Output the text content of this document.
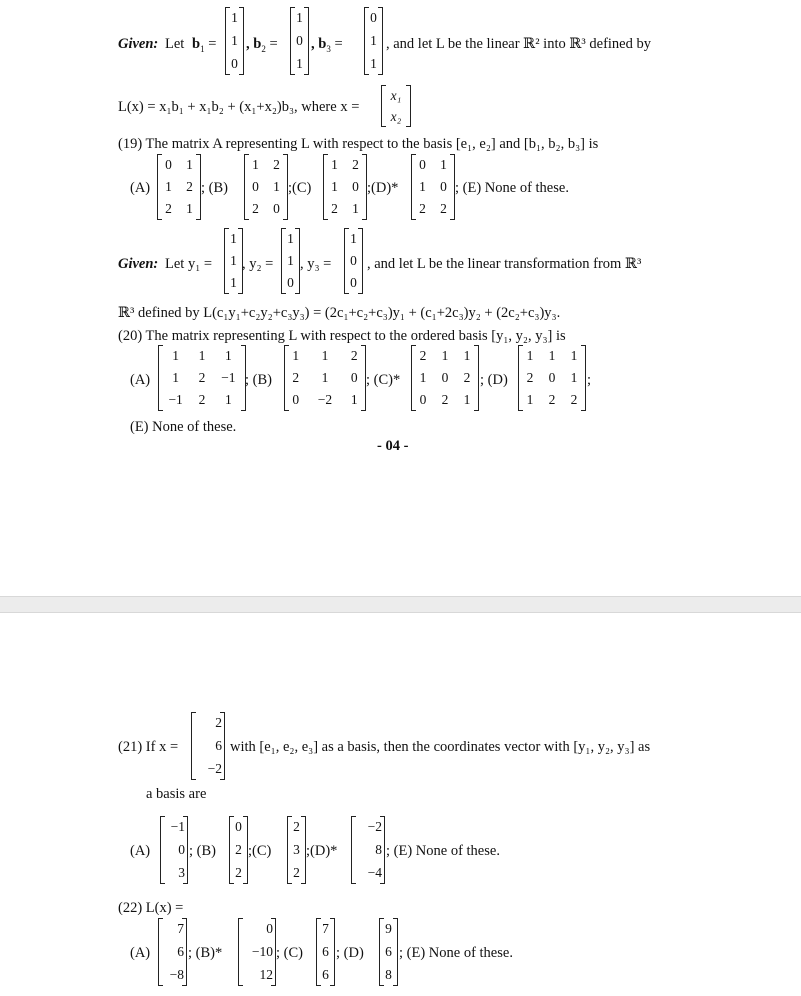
Given: Let $b_1$ =
1
1
0
, $b_2$ =
1
0
1
, $b_3$ =
0
1
1
, and let L be the linear ℝ² into ℝ³ defined by
L(x) = x₁b₁ + x₁b₂ + (x₁+x₂)b₃, where x =
x₁
x₂
(19) The matrix A representing L with respect to the basis [e₁, e₂] and [b₁, b₂, b₃] is
(A)
0	1
1	2
2	1
; (B)
1	2
0	1
2	0
;(C)
1	2
1	0
2	1
;(D)*
0	1
1	0
2	2
; (E) None of these.
Given: Let y₁ =
1
1
1
, y₂ =
1
1
0
, y₃ =
1
0
0
, and let L be the linear transformation from ℝ³
ℝ³ defined by L(c₁y₁+c₂y₂+c₃y₃) = (2c₁+c₂+c₃)y₁ + (c₁+2c₃)y₂ + (2c₂+c₃)y₃.
(20) The matrix representing L with respect to the ordered basis [y₁, y₂, y₃] is
(A)
1	1	1
1	2	−1
−1	2	1
; (B)
1	1	2
2	1	0
0	−2	1
; (C)*
2	1	1
1	0	2
0	2	1
; (D)
1	1	1
2	0	1
1	2	2
;
(E) None of these.
- 04 -
(21) If x =
2
6
−2
with [e₁, e₂, e₃] as a basis, then the coordinates vector with [y₁, y₂, y₃] as
a basis are
(A)
−1
0
3
; (B)
0
2
2
;(C)
2
3
2
;(D)*
−2
8
−4
; (E) None of these.
(22) L(x) =
(A)
7
6
−8
; (B)*
0
−10
12
; (C)
7
6
6
; (D)
9
6
8
; (E) None of these.
